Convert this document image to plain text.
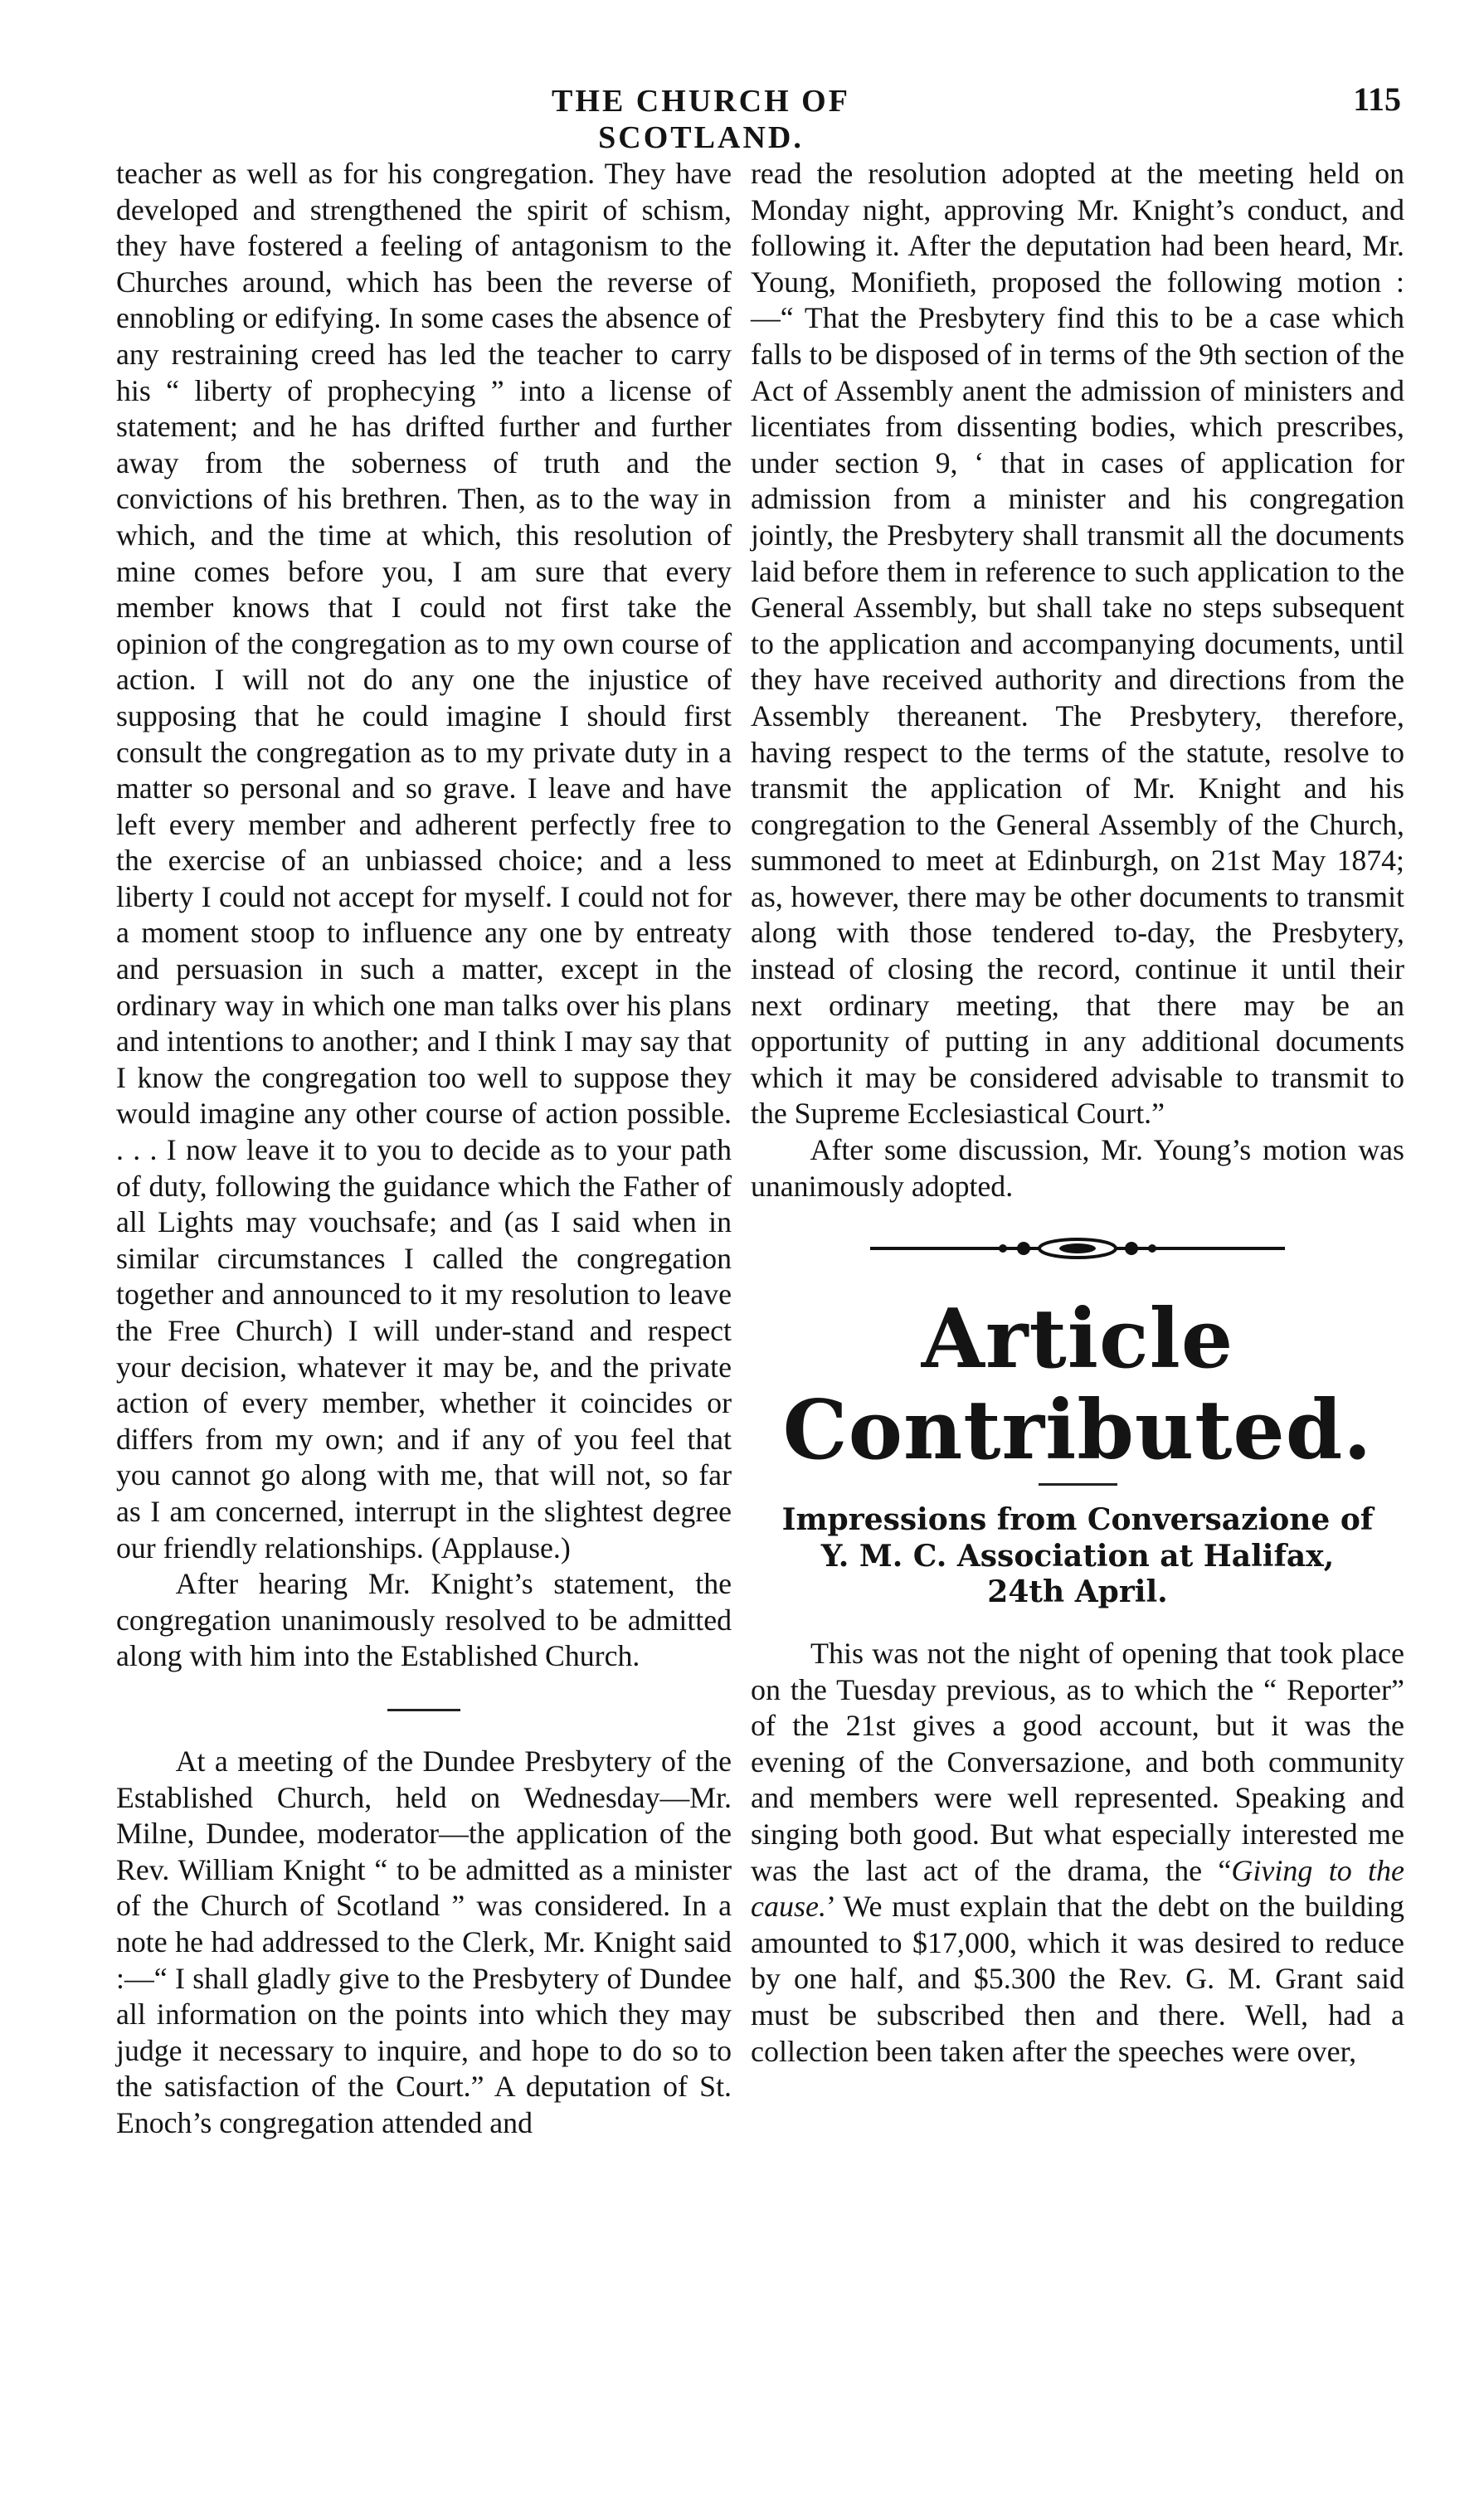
THE CHURCH OF SCOTLAND.
115

teacher as well as for his congregation. They have developed and strengthened the spirit of schism, they have fostered a feeling of antagonism to the Churches around, which has been the reverse of ennobling or edifying. In some cases the absence of any restraining creed has led the teacher to carry his “ liberty of prophecying ” into a license of statement; and he has drifted further and further away from the soberness of truth and the convictions of his brethren. Then, as to the way in which, and the time at which, this resolution of mine comes before you, I am sure that every member knows that I could not first take the opinion of the congregation as to my own course of action. I will not do any one the injustice of supposing that he could imagine I should first consult the congregation as to my private duty in a matter so personal and so grave. I leave and have left every member and adherent perfectly free to the exercise of an unbiassed choice; and a less liberty I could not accept for myself. I could not for a moment stoop to influence any one by entreaty and persuasion in such a matter, except in the ordinary way in which one man talks over his plans and intentions to another; and I think I may say that I know the congregation too well to suppose they would imagine any other course of action possible. . . . I now leave it to you to decide as to your path of duty, following the guidance which the Father of all Lights may vouchsafe; and (as I said when in similar circumstances I called the congregation together and announced to it my resolution to leave the Free Church) I will under-stand and respect your decision, whatever it may be, and the private action of every member, whether it coincides or differs from my own; and if any of you feel that you cannot go along with me, that will not, so far as I am concerned, interrupt in the slightest degree our friendly relationships. (Applause.)

After hearing Mr. Knight’s statement, the congregation unanimously resolved to be admitted along with him into the Established Church.

At a meeting of the Dundee Presbytery of the Established Church, held on Wednesday—Mr. Milne, Dundee, moderator—the application of the Rev. William Knight “ to be admitted as a minister of the Church of Scotland ” was considered. In a note he had addressed to the Clerk, Mr. Knight said :—“ I shall gladly give to the Presbytery of Dundee all information on the points into which they may judge it necessary to inquire, and hope to do so to the satisfaction of the Court.” A deputation of St. Enoch’s congregation attended and

read the resolution adopted at the meeting held on Monday night, approving Mr. Knight’s conduct, and following it. After the deputation had been heard, Mr. Young, Monifieth, proposed the following motion : —“ That the Presbytery find this to be a case which falls to be disposed of in terms of the 9th section of the Act of Assembly anent the admission of ministers and licentiates from dissenting bodies, which prescribes, under section 9, ‘ that in cases of application for admission from a minister and his congregation jointly, the Presbytery shall transmit all the documents laid before them in reference to such application to the General Assembly, but shall take no steps subsequent to the application and accompanying documents, until they have received authority and directions from the Assembly thereanent. The Presbytery, therefore, having respect to the terms of the statute, resolve to transmit the application of Mr. Knight and his congregation to the General Assembly of the Church, summoned to meet at Edinburgh, on 21st May 1874; as, however, there may be other documents to transmit along with those tendered to-day, the Presbytery, instead of closing the record, continue it until their next ordinary meeting, that there may be an opportunity of putting in any additional documents which it may be considered advisable to transmit to the Supreme Ecclesiastical Court.”

After some discussion, Mr. Young’s motion was unanimously adopted.

Article Contributed.
Impressions from Conversazione of
Y. M. C. Association at Halifax,
24th April.

This was not the night of opening that took place on the Tuesday previous, as to which the “ Reporter” of the 21st gives a good account, but it was the evening of the Conversazione, and both community and members were well represented. Speaking and singing both good. But what especially interested me was the last act of the drama, the “Giving to the cause.’ We must explain that the debt on the building amounted to $17,000, which it was desired to reduce by one half, and $5.300 the Rev. G. M. Grant said must be subscribed then and there. Well, had a collection been taken after the speeches were over,
